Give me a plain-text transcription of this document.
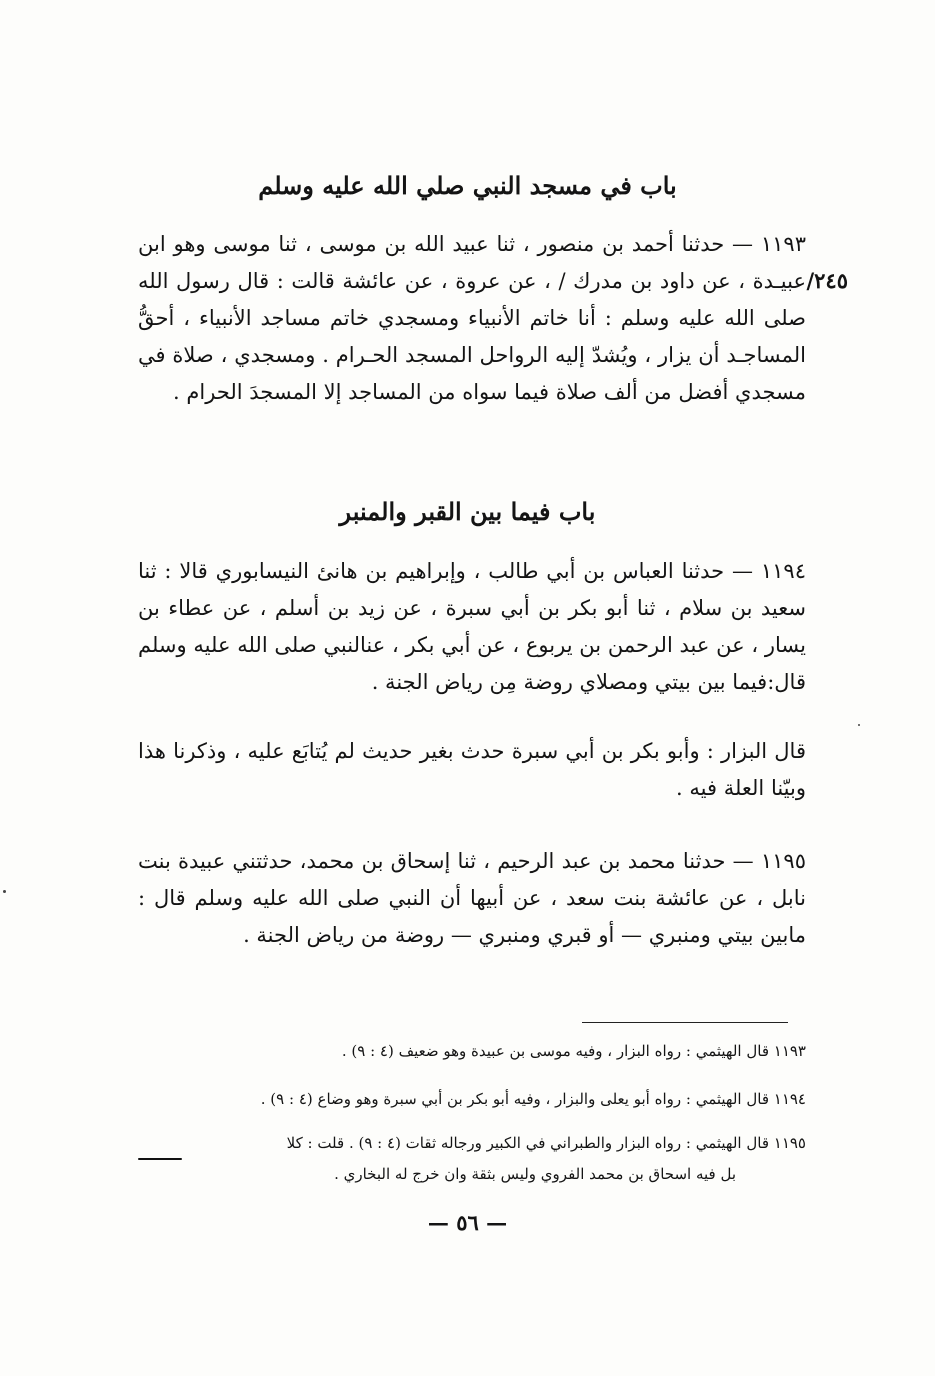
باب في مسجد النبي صلي الله عليه وسلم
١١٩٣ — حدثنا أحمد بن منصور ، ثنا عبيد الله بن موسى ، ثنا موسى وهو ابن عبيـدة ، عن داود بن مدرك / ، عن عروة ، عن عائشة قالت : قال رسول الله صلى الله عليه وسلم : أنا خاتم الأنبياء ومسجدي خاتم مساجد الأنبياء ، أحقُّ المساجـد أن يزار ، ويُشدّ إليه الرواحل المسجد الحـرام . ومسجدي ، صلاة في مسجدي أفضل من ألف صلاة فيما سواه من المساجد إلا المسجدَ الحرام .
٢٤٥/
باب فيما بين القبر والمنبر
١١٩٤ — حدثنا العباس بن أبي طالب ، وإبراهيم بن هانئ النيسابوري قالا : ثنا سعيد بن سلام ، ثنا أبو بكر بن أبي سبرة ، عن زيد بن أسلم ، عن عطاء بن يسار ، عن عبد الرحمن بن يربوع ، عن أبي بكر ، عنالنبي صلى الله عليه وسلم قال:فيما بين بيتي ومصلاي روضة مِن رياض الجنة .
قال البزار : وأبو بكر بن أبي سبرة حدث بغير حديث لم يُتابَع عليه ، وذكرنا هذا وبيّنا العلة فيه .
١١٩٥ — حدثنا محمد بن عبد الرحيم ، ثنا إسحاق بن محمد، حدثتني عبيدة بنت نابل ، عن عائشة بنت سعد ، عن أبيها أن النبي صلى الله عليه وسلم قال : مابين بيتي ومنبري — أو قبري ومنبري — روضة من رياض الجنة .
١١٩٣ قال الهيثمي : رواه البزار ، وفيه موسى بن عبيدة وهو ضعيف (٤ : ٩) .
١١٩٤ قال الهيثمي : رواه أبو يعلى والبزار ، وفيه أبو بكر بن أبي سبرة وهو وضاع (٤ : ٩) .
١١٩٥ قال الهيثمي : رواه البزار والطبراني في الكبير ورجاله ثقات (٤ : ٩) . قلت : كلا
بل فيه اسحاق بن محمد الفروي وليس بثقة وان خرج له البخاري .
— ٥٦ —
